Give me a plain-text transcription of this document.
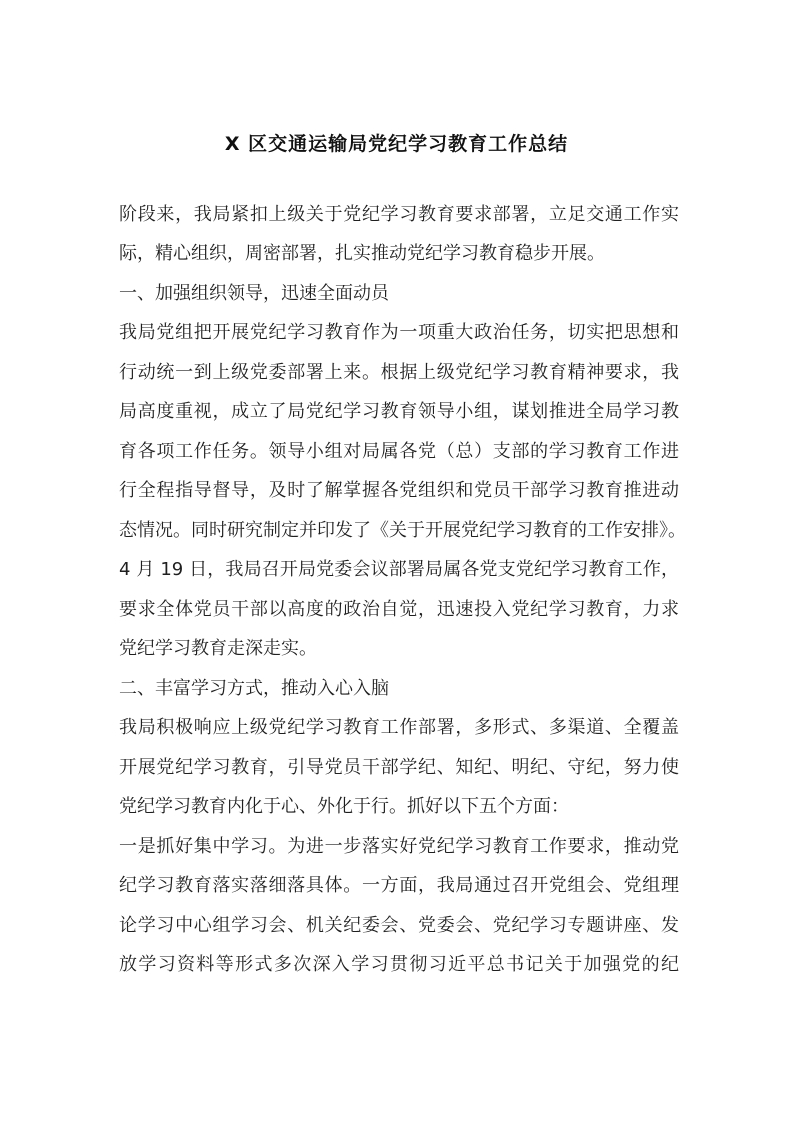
X 区交通运输局党纪学习教育工作总结
阶段来，我局紧扣上级关于党纪学习教育要求部署，立足交通工作实
际，精心组织，周密部署，扎实推动党纪学习教育稳步开展。
一、加强组织领导，迅速全面动员
我局党组把开展党纪学习教育作为一项重大政治任务，切实把思想和
行动统一到上级党委部署上来。根据上级党纪学习教育精神要求，我
局高度重视，成立了局党纪学习教育领导小组，谋划推进全局学习教
育各项工作任务。领导小组对局属各党（总）支部的学习教育工作进
行全程指导督导，及时了解掌握各党组织和党员干部学习教育推进动
态情况。同时研究制定并印发了《关于开展党纪学习教育的工作安排》。
4 月 19 日，我局召开局党委会议部署局属各党支党纪学习教育工作，
要求全体党员干部以高度的政治自觉，迅速投入党纪学习教育，力求
党纪学习教育走深走实。
二、丰富学习方式，推动入心入脑
我局积极响应上级党纪学习教育工作部署，多形式、多渠道、全覆盖
开展党纪学习教育，引导党员干部学纪、知纪、明纪、守纪，努力使
党纪学习教育内化于心、外化于行。抓好以下五个方面：
一是抓好集中学习。为进一步落实好党纪学习教育工作要求，推动党
纪学习教育落实落细落具体。一方面，我局通过召开党组会、党组理
论学习中心组学习会、机关纪委会、党委会、党纪学习专题讲座、发
放学习资料等形式多次深入学习贯彻习近平总书记关于加强党的纪
